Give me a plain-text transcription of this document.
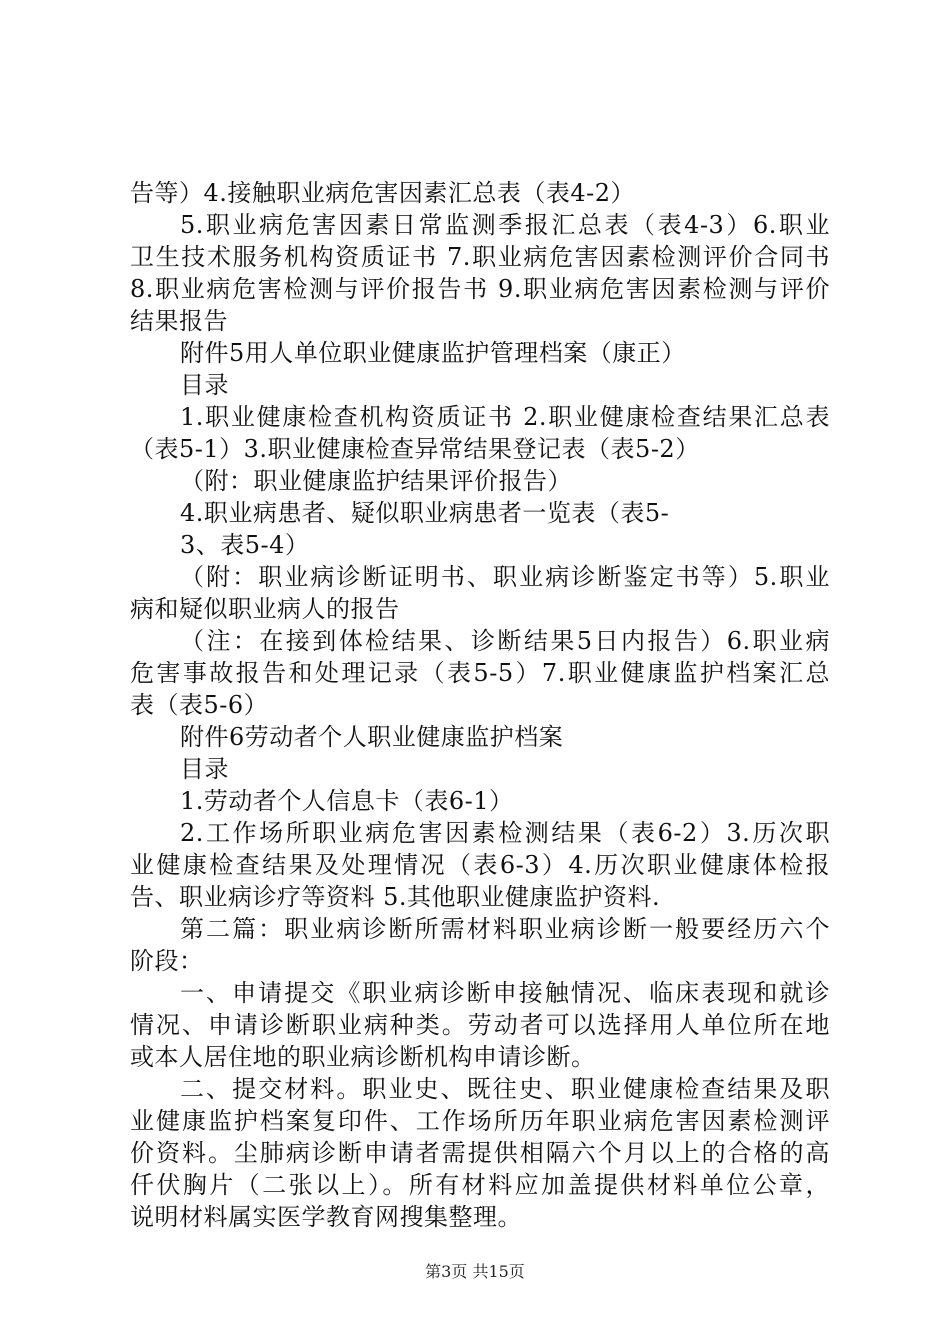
告等）4.接触职业病危害因素汇总表（表4-2）
5.职业病危害因素日常监测季报汇总表（表4-3）6.职业
卫生技术服务机构资质证书 7.职业病危害因素检测评价合同书
8.职业病危害检测与评价报告书 9.职业病危害因素检测与评价
结果报告
附件5用人单位职业健康监护管理档案（康正）
目录
1.职业健康检查机构资质证书 2.职业健康检查结果汇总表
（表5-1）3.职业健康检查异常结果登记表（表5-2）
（附：职业健康监护结果评价报告）
4.职业病患者、疑似职业病患者一览表（表5-
3、表5-4）
（附：职业病诊断证明书、职业病诊断鉴定书等）5.职业
病和疑似职业病人的报告
（注：在接到体检结果、诊断结果5日内报告）6.职业病
危害事故报告和处理记录（表5-5）7.职业健康监护档案汇总
表（表5-6）
附件6劳动者个人职业健康监护档案
目录
1.劳动者个人信息卡（表6-1）
2.工作场所职业病危害因素检测结果（表6-2）3.历次职
业健康检查结果及处理情况（表6-3）4.历次职业健康体检报
告、职业病诊疗等资料 5.其他职业健康监护资料.
第二篇：职业病诊断所需材料职业病诊断一般要经历六个
阶段：
一、申请提交《职业病诊断申接触情况、临床表现和就诊
情况、申请诊断职业病种类。劳动者可以选择用人单位所在地
或本人居住地的职业病诊断机构申请诊断。
二、提交材料。职业史、既往史、职业健康检查结果及职
业健康监护档案复印件、工作场所历年职业病危害因素检测评
价资料。尘肺病诊断申请者需提供相隔六个月以上的合格的高
仟伏胸片（二张以上）。所有材料应加盖提供材料单位公章，
说明材料属实医学教育网搜集整理。
第3页 共15页
